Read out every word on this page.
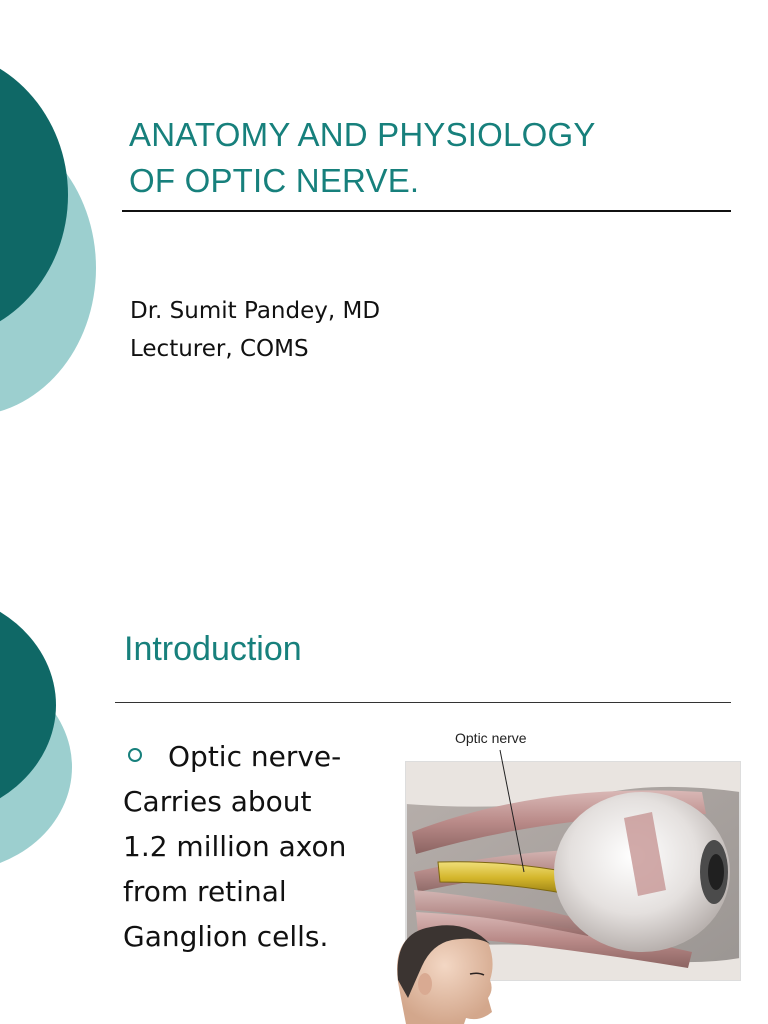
ANATOMY AND PHYSIOLOGY
OF OPTIC NERVE.
Dr. Sumit Pandey, MD
Lecturer, COMS
Introduction
Optic nerve-
Carries about
1.2 million axon
from retinal
Ganglion cells.
Optic nerve
